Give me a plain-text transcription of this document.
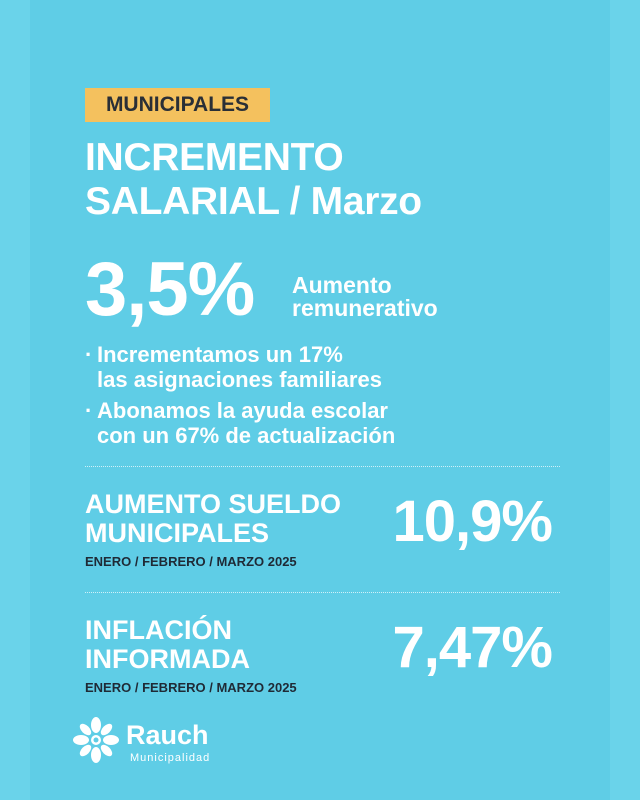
MUNICIPALES
INCREMENTO
SALARIAL / Marzo
3,5% Aumento
remunerativo
· Incrementamos un 17%
las asignaciones familiares
· Abonamos la ayuda escolar
con un 67% de actualización
AUMENTO SUELDO
MUNICIPALES
ENERO / FEBRERO / MARZO 2025
10,9%
INFLACIÓN
INFORMADA
ENERO / FEBRERO / MARZO 2025
7,47%
Rauch
Municipalidad
